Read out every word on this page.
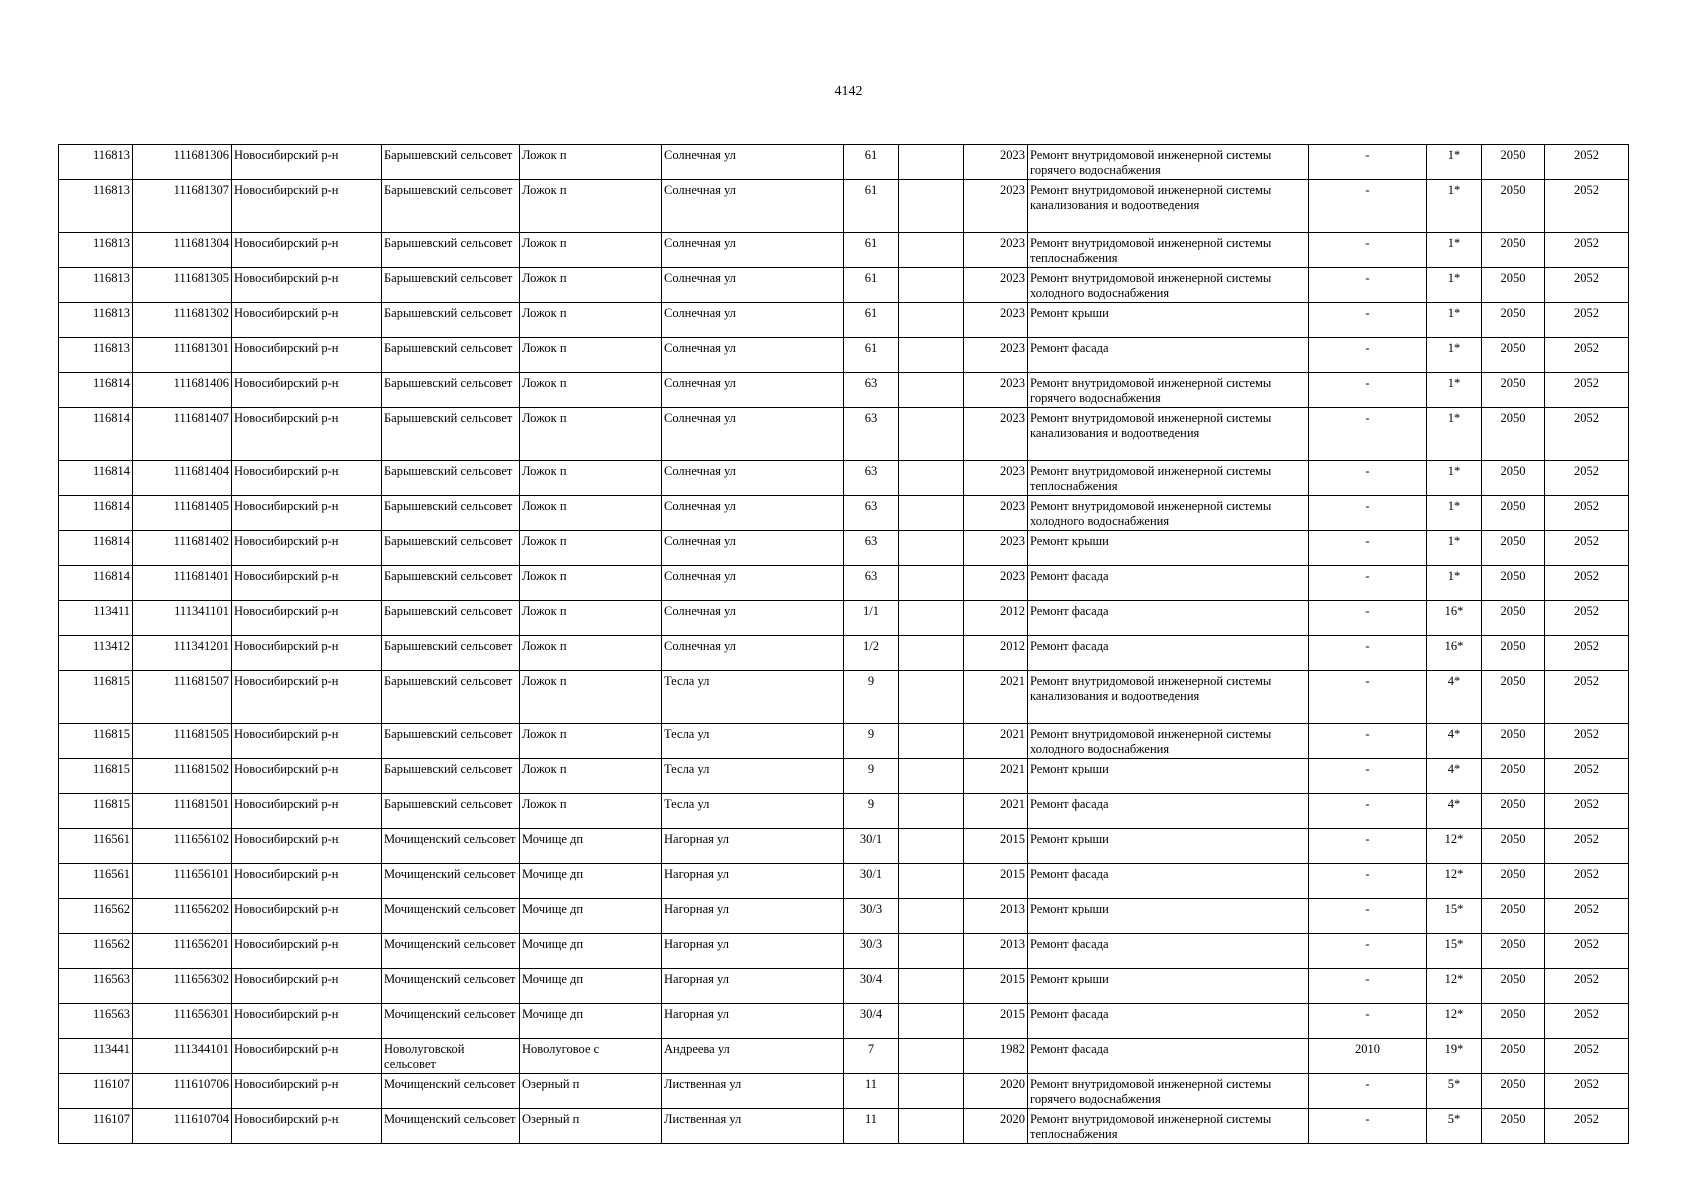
4142
116813	111681306	Новосибирский р-н	Барышевский сельсовет	Ложок п	Солнечная ул	61		2023	Ремонт внутридомовой инженерной системы горячего водоснабжения	-	1*	2050	2052
116813	111681307	Новосибирский р-н	Барышевский сельсовет	Ложок п	Солнечная ул	61		2023	Ремонт внутридомовой инженерной системы канализования и водоотведения	-	1*	2050	2052
116813	111681304	Новосибирский р-н	Барышевский сельсовет	Ложок п	Солнечная ул	61		2023	Ремонт внутридомовой инженерной системы теплоснабжения	-	1*	2050	2052
116813	111681305	Новосибирский р-н	Барышевский сельсовет	Ложок п	Солнечная ул	61		2023	Ремонт внутридомовой инженерной системы холодного водоснабжения	-	1*	2050	2052
116813	111681302	Новосибирский р-н	Барышевский сельсовет	Ложок п	Солнечная ул	61		2023	Ремонт крыши	-	1*	2050	2052
116813	111681301	Новосибирский р-н	Барышевский сельсовет	Ложок п	Солнечная ул	61		2023	Ремонт фасада	-	1*	2050	2052
116814	111681406	Новосибирский р-н	Барышевский сельсовет	Ложок п	Солнечная ул	63		2023	Ремонт внутридомовой инженерной системы горячего водоснабжения	-	1*	2050	2052
116814	111681407	Новосибирский р-н	Барышевский сельсовет	Ложок п	Солнечная ул	63		2023	Ремонт внутридомовой инженерной системы канализования и водоотведения	-	1*	2050	2052
116814	111681404	Новосибирский р-н	Барышевский сельсовет	Ложок п	Солнечная ул	63		2023	Ремонт внутридомовой инженерной системы теплоснабжения	-	1*	2050	2052
116814	111681405	Новосибирский р-н	Барышевский сельсовет	Ложок п	Солнечная ул	63		2023	Ремонт внутридомовой инженерной системы холодного водоснабжения	-	1*	2050	2052
116814	111681402	Новосибирский р-н	Барышевский сельсовет	Ложок п	Солнечная ул	63		2023	Ремонт крыши	-	1*	2050	2052
116814	111681401	Новосибирский р-н	Барышевский сельсовет	Ложок п	Солнечная ул	63		2023	Ремонт фасада	-	1*	2050	2052
113411	111341101	Новосибирский р-н	Барышевский сельсовет	Ложок п	Солнечная ул	1/1		2012	Ремонт фасада	-	16*	2050	2052
113412	111341201	Новосибирский р-н	Барышевский сельсовет	Ложок п	Солнечная ул	1/2		2012	Ремонт фасада	-	16*	2050	2052
116815	111681507	Новосибирский р-н	Барышевский сельсовет	Ложок п	Тесла ул	9		2021	Ремонт внутридомовой инженерной системы канализования и водоотведения	-	4*	2050	2052
116815	111681505	Новосибирский р-н	Барышевский сельсовет	Ложок п	Тесла ул	9		2021	Ремонт внутридомовой инженерной системы холодного водоснабжения	-	4*	2050	2052
116815	111681502	Новосибирский р-н	Барышевский сельсовет	Ложок п	Тесла ул	9		2021	Ремонт крыши	-	4*	2050	2052
116815	111681501	Новосибирский р-н	Барышевский сельсовет	Ложок п	Тесла ул	9		2021	Ремонт фасада	-	4*	2050	2052
116561	111656102	Новосибирский р-н	Мочищенский сельсовет	Мочище дп	Нагорная ул	30/1		2015	Ремонт крыши	-	12*	2050	2052
116561	111656101	Новосибирский р-н	Мочищенский сельсовет	Мочище дп	Нагорная ул	30/1		2015	Ремонт фасада	-	12*	2050	2052
116562	111656202	Новосибирский р-н	Мочищенский сельсовет	Мочище дп	Нагорная ул	30/3		2013	Ремонт крыши	-	15*	2050	2052
116562	111656201	Новосибирский р-н	Мочищенский сельсовет	Мочище дп	Нагорная ул	30/3		2013	Ремонт фасада	-	15*	2050	2052
116563	111656302	Новосибирский р-н	Мочищенский сельсовет	Мочище дп	Нагорная ул	30/4		2015	Ремонт крыши	-	12*	2050	2052
116563	111656301	Новосибирский р-н	Мочищенский сельсовет	Мочище дп	Нагорная ул	30/4		2015	Ремонт фасада	-	12*	2050	2052
113441	111344101	Новосибирский р-н	Новолуговской сельсовет	Новолуговое с	Андреева ул	7		1982	Ремонт фасада	2010	19*	2050	2052
116107	111610706	Новосибирский р-н	Мочищенский сельсовет	Озерный п	Лиственная ул	11		2020	Ремонт внутридомовой инженерной системы горячего водоснабжения	-	5*	2050	2052
116107	111610704	Новосибирский р-н	Мочищенский сельсовет	Озерный п	Лиственная ул	11		2020	Ремонт внутридомовой инженерной системы теплоснабжения	-	5*	2050	2052
